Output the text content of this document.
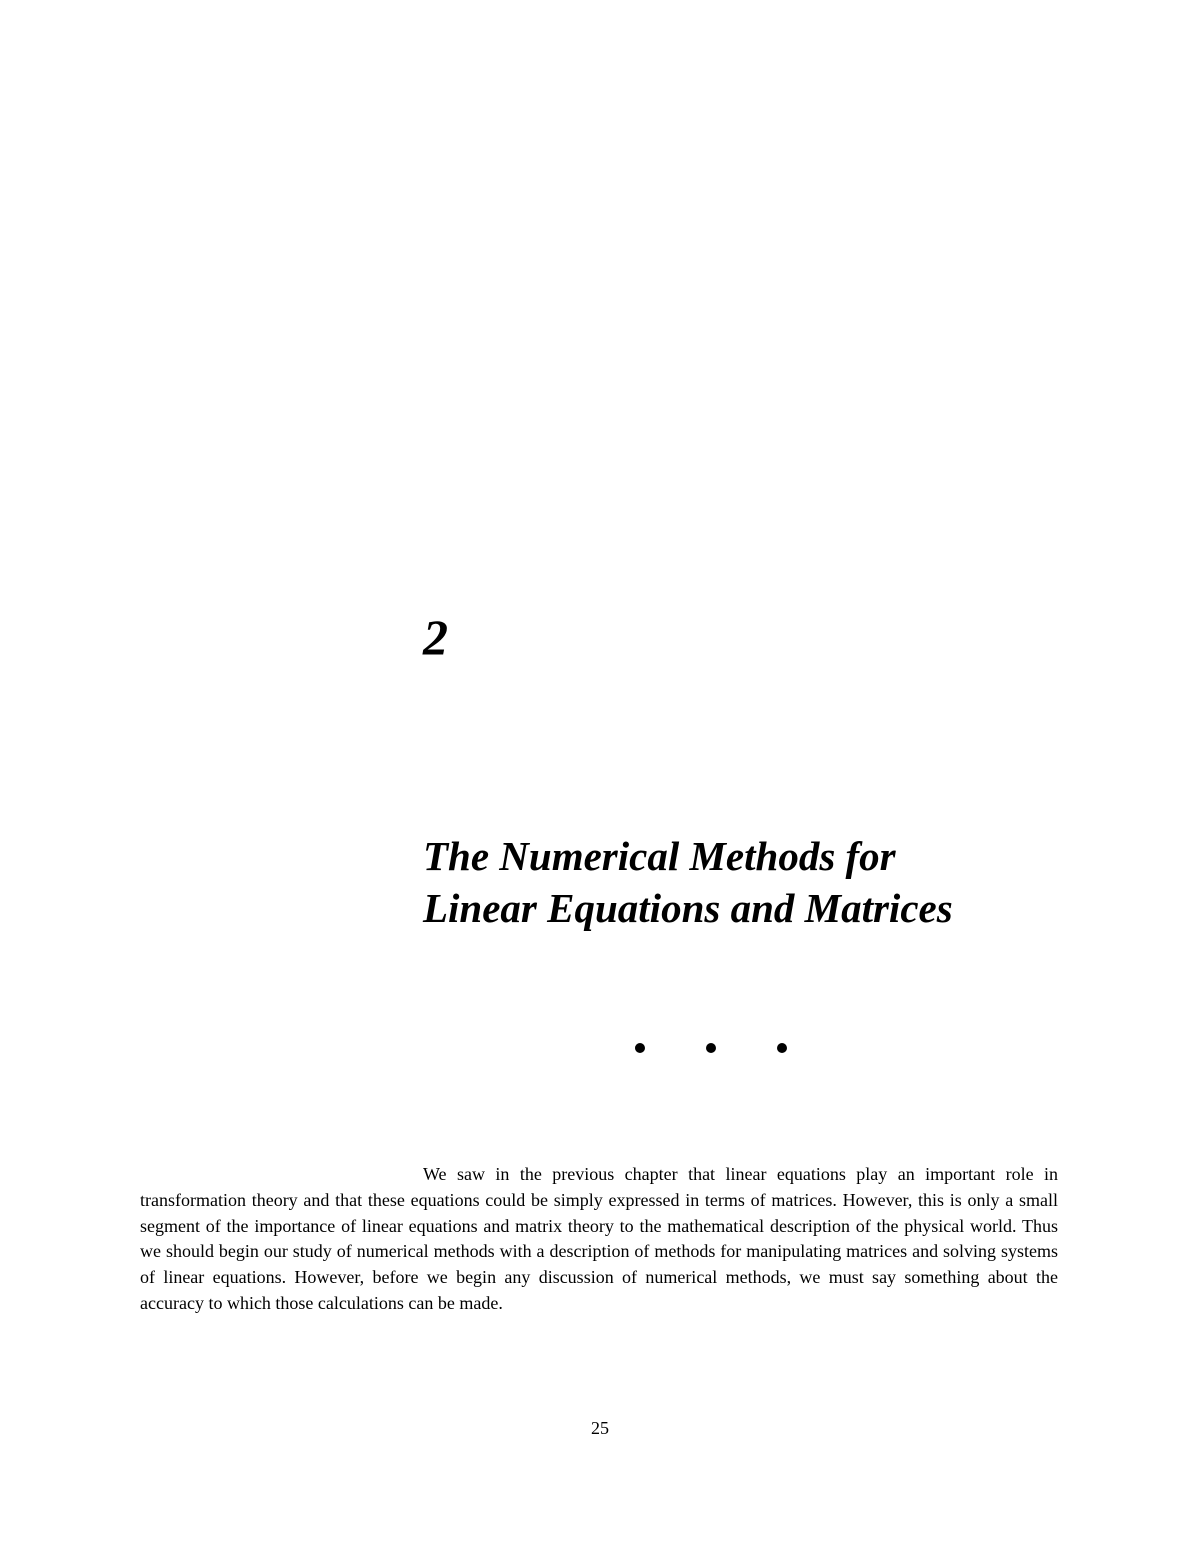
2
The Numerical Methods for
Linear Equations and Matrices

We saw in the previous chapter that linear equations play an important role in transformation theory and that these equations could be simply expressed in terms of matrices. However, this is only a small segment of the importance of linear equations and matrix theory to the mathematical description of the physical world. Thus we should begin our study of numerical methods with a description of methods for manipulating matrices and solving systems of linear equations. However, before we begin any discussion of numerical methods, we must say something about the accuracy to which those calculations can be made.

25
